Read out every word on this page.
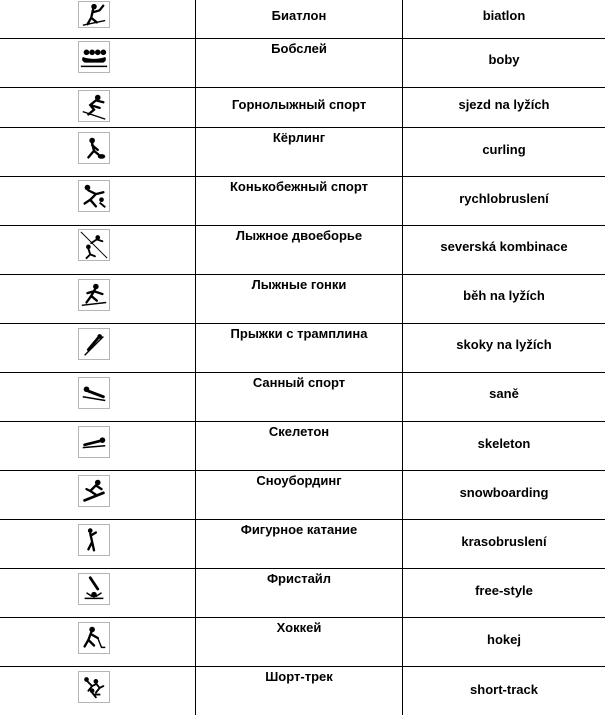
Биатлон	biatlon
Бобслей
boby
Горнолыжный спорт	sjezd na lyžích
Кёрлинг
curling
Конькобежный спорт
rychlobruslení
Лыжное двоеборье
severská kombinace
Лыжные гонки
běh na lyžích
Прыжки с трамплина
skoky na lyžích
Санный спорт
saně
Скелетон
skeleton
Сноубординг
snowboarding
Фигурное катание
krasobruslení
Фристайл
free-style
Хоккей
hokej
Шорт-трек
short-track
